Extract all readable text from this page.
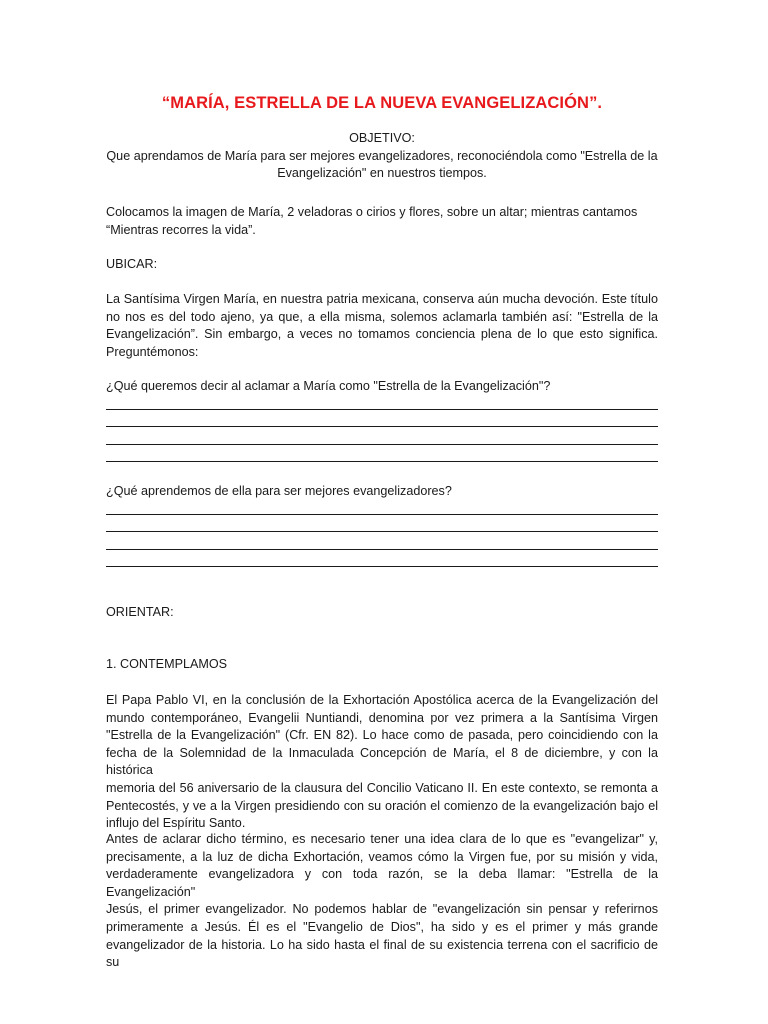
“MARÍA, ESTRELLA DE LA NUEVA EVANGELIZACIÓN”.
OBJETIVO:
Que aprendamos de María para ser mejores evangelizadores, reconociéndola como "Estrella de la
Evangelización" en nuestros tiempos.
Colocamos la imagen de María, 2 veladoras o cirios y flores, sobre un altar; mientras cantamos
“Mientras recorres la vida”.
UBICAR:
La Santísima Virgen María, en nuestra patria mexicana, conserva aún mucha devoción. Este título
no nos es del todo ajeno, ya que, a ella misma, solemos aclamarla también así: "Estrella de la
Evangelización”. Sin embargo, a veces no tomamos conciencia plena de lo que esto significa.
Preguntémonos:
¿Qué queremos decir al aclamar a María como "Estrella de la Evangelización"?
¿Qué aprendemos de ella para ser mejores evangelizadores?
ORIENTAR:
1. CONTEMPLAMOS
El Papa Pablo VI, en la conclusión de la Exhortación Apostólica acerca de la Evangelización del
mundo contemporáneo, Evangelii Nuntiandi, denomina por vez primera a la Santísima Virgen
"Estrella de la Evangelización" (Cfr. EN 82). Lo hace como de pasada, pero coincidiendo con la
fecha de la Solemnidad de la Inmaculada Concepción de María, el 8 de diciembre, y con la histórica
memoria del 56 aniversario de la clausura del Concilio Vaticano II. En este contexto, se remonta a
Pentecostés, y ve a la Virgen presidiendo con su oración el comienzo de la evangelización bajo el
influjo del Espíritu Santo.
Antes de aclarar dicho término, es necesario tener una idea clara de lo que es "evangelizar" y,
precisamente, a la luz de dicha Exhortación, veamos cómo la Virgen fue, por su misión y vida,
verdaderamente evangelizadora y con toda razón, se la deba llamar: "Estrella de la Evangelización"
Jesús, el primer evangelizador. No podemos hablar de "evangelización sin pensar y referirnos
primeramente a Jesús. Él es el "Evangelio de Dios", ha sido y es el primer y más grande
evangelizador de la historia. Lo ha sido hasta el final de su existencia terrena con el sacrificio de su
